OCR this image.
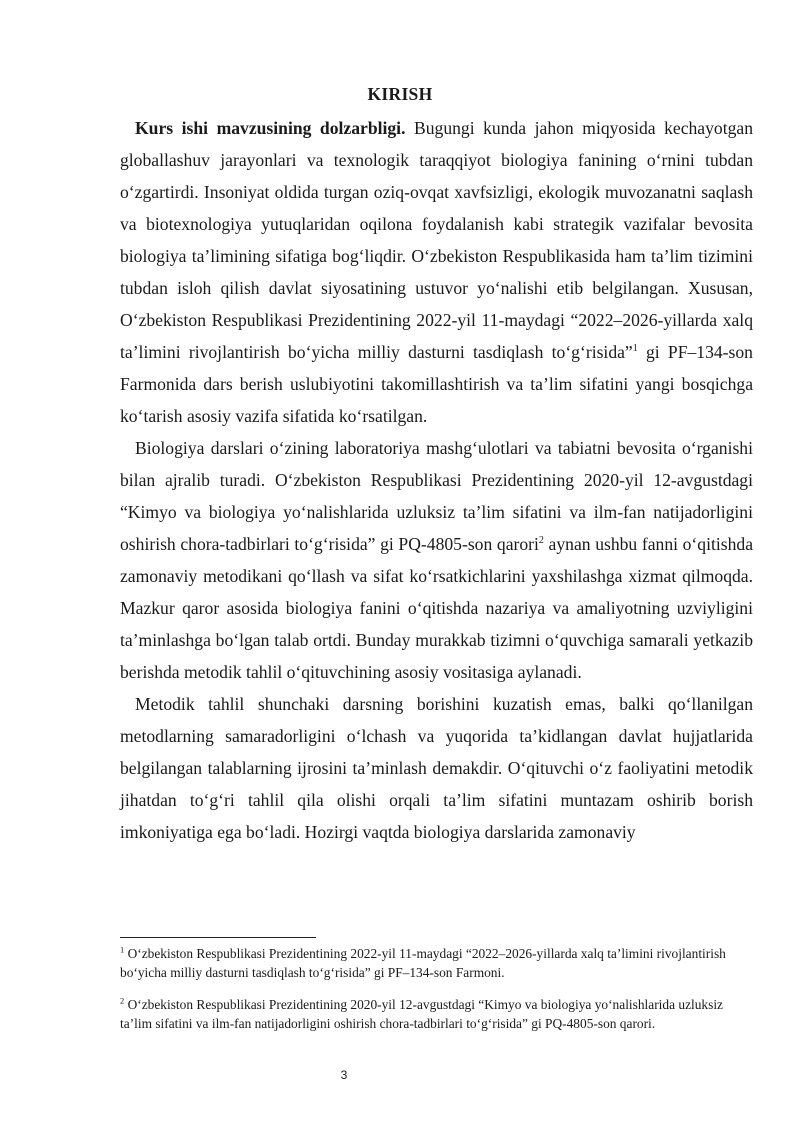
KIRISH

Kurs ishi mavzusining dolzarbligi. Bugungi kunda jahon miqyosida kechayotgan globallashuv jarayonlari va texnologik taraqqiyot biologiya fanining o‘rnini tubdan o‘zgartirdi. Insoniyat oldida turgan oziq-ovqat xavfsizligi, ekologik muvozanatni saqlash va biotexnologiya yutuqlaridan oqilona foydalanish kabi strategik vazifalar bevosita biologiya ta’limining sifatiga bog‘liqdir. O‘zbekiston Respublikasida ham ta’lim tizimini tubdan isloh qilish davlat siyosatining ustuvor yo‘nalishi etib belgilangan. Xususan, O‘zbekiston Respublikasi Prezidentining 2022-yil 11-maydagi “2022–2026-yillarda xalq ta’limini rivojlantirish bo‘yicha milliy dasturni tasdiqlash to‘g‘risida”$^1$ gi PF–134-son Farmonida dars berish uslubiyotini takomillashtirish va ta’lim sifatini yangi bosqichga ko‘tarish asosiy vazifa sifatida ko‘rsatilgan.

Biologiya darslari o‘zining laboratoriya mashg‘ulotlari va tabiatni bevosita o‘rganishi bilan ajralib turadi. O‘zbekiston Respublikasi Prezidentining 2020-yil 12-avgustdagi “Kimyo va biologiya yo‘nalishlarida uzluksiz ta’lim sifatini va ilm-fan natijadorligini oshirish chora-tadbirlari to‘g‘risida” gi PQ-4805-son qarori$^2$ aynan ushbu fanni o‘qitishda zamonaviy metodikani qo‘llash va sifat ko‘rsatkichlarini yaxshilashga xizmat qilmoqda. Mazkur qaror asosida biologiya fanini o‘qitishda nazariya va amaliyotning uzviyligini ta’minlashga bo‘lgan talab ortdi. Bunday murakkab tizimni o‘quvchiga samarali yetkazib berishda metodik tahlil o‘qituvchining asosiy vositasiga aylanadi.

Metodik tahlil shunchaki darsning borishini kuzatish emas, balki qo‘llanilgan metodlarning samaradorligini o‘lchash va yuqorida ta’kidlangan davlat hujjatlarida belgilangan talablarning ijrosini ta’minlash demakdir. O‘qituvchi o‘z faoliyatini metodik jihatdan to‘g‘ri tahlil qila olishi orqali ta’lim sifatini muntazam oshirib borish imkoniyatiga ega bo‘ladi. Hozirgi vaqtda biologiya darslarida zamonaviy

$^1$ O‘zbekiston Respublikasi Prezidentining 2022-yil 11-maydagi “2022–2026-yillarda xalq ta’limini rivojlantirish bo‘yicha milliy dasturni tasdiqlash to‘g‘risida” gi PF–134-son Farmoni.

$^2$ O‘zbekiston Respublikasi Prezidentining 2020-yil 12-avgustdagi “Kimyo va biologiya yo‘nalishlarida uzluksiz ta’lim sifatini va ilm-fan natijadorligini oshirish chora-tadbirlari to‘g‘risida” gi PQ-4805-son qarori.

3
